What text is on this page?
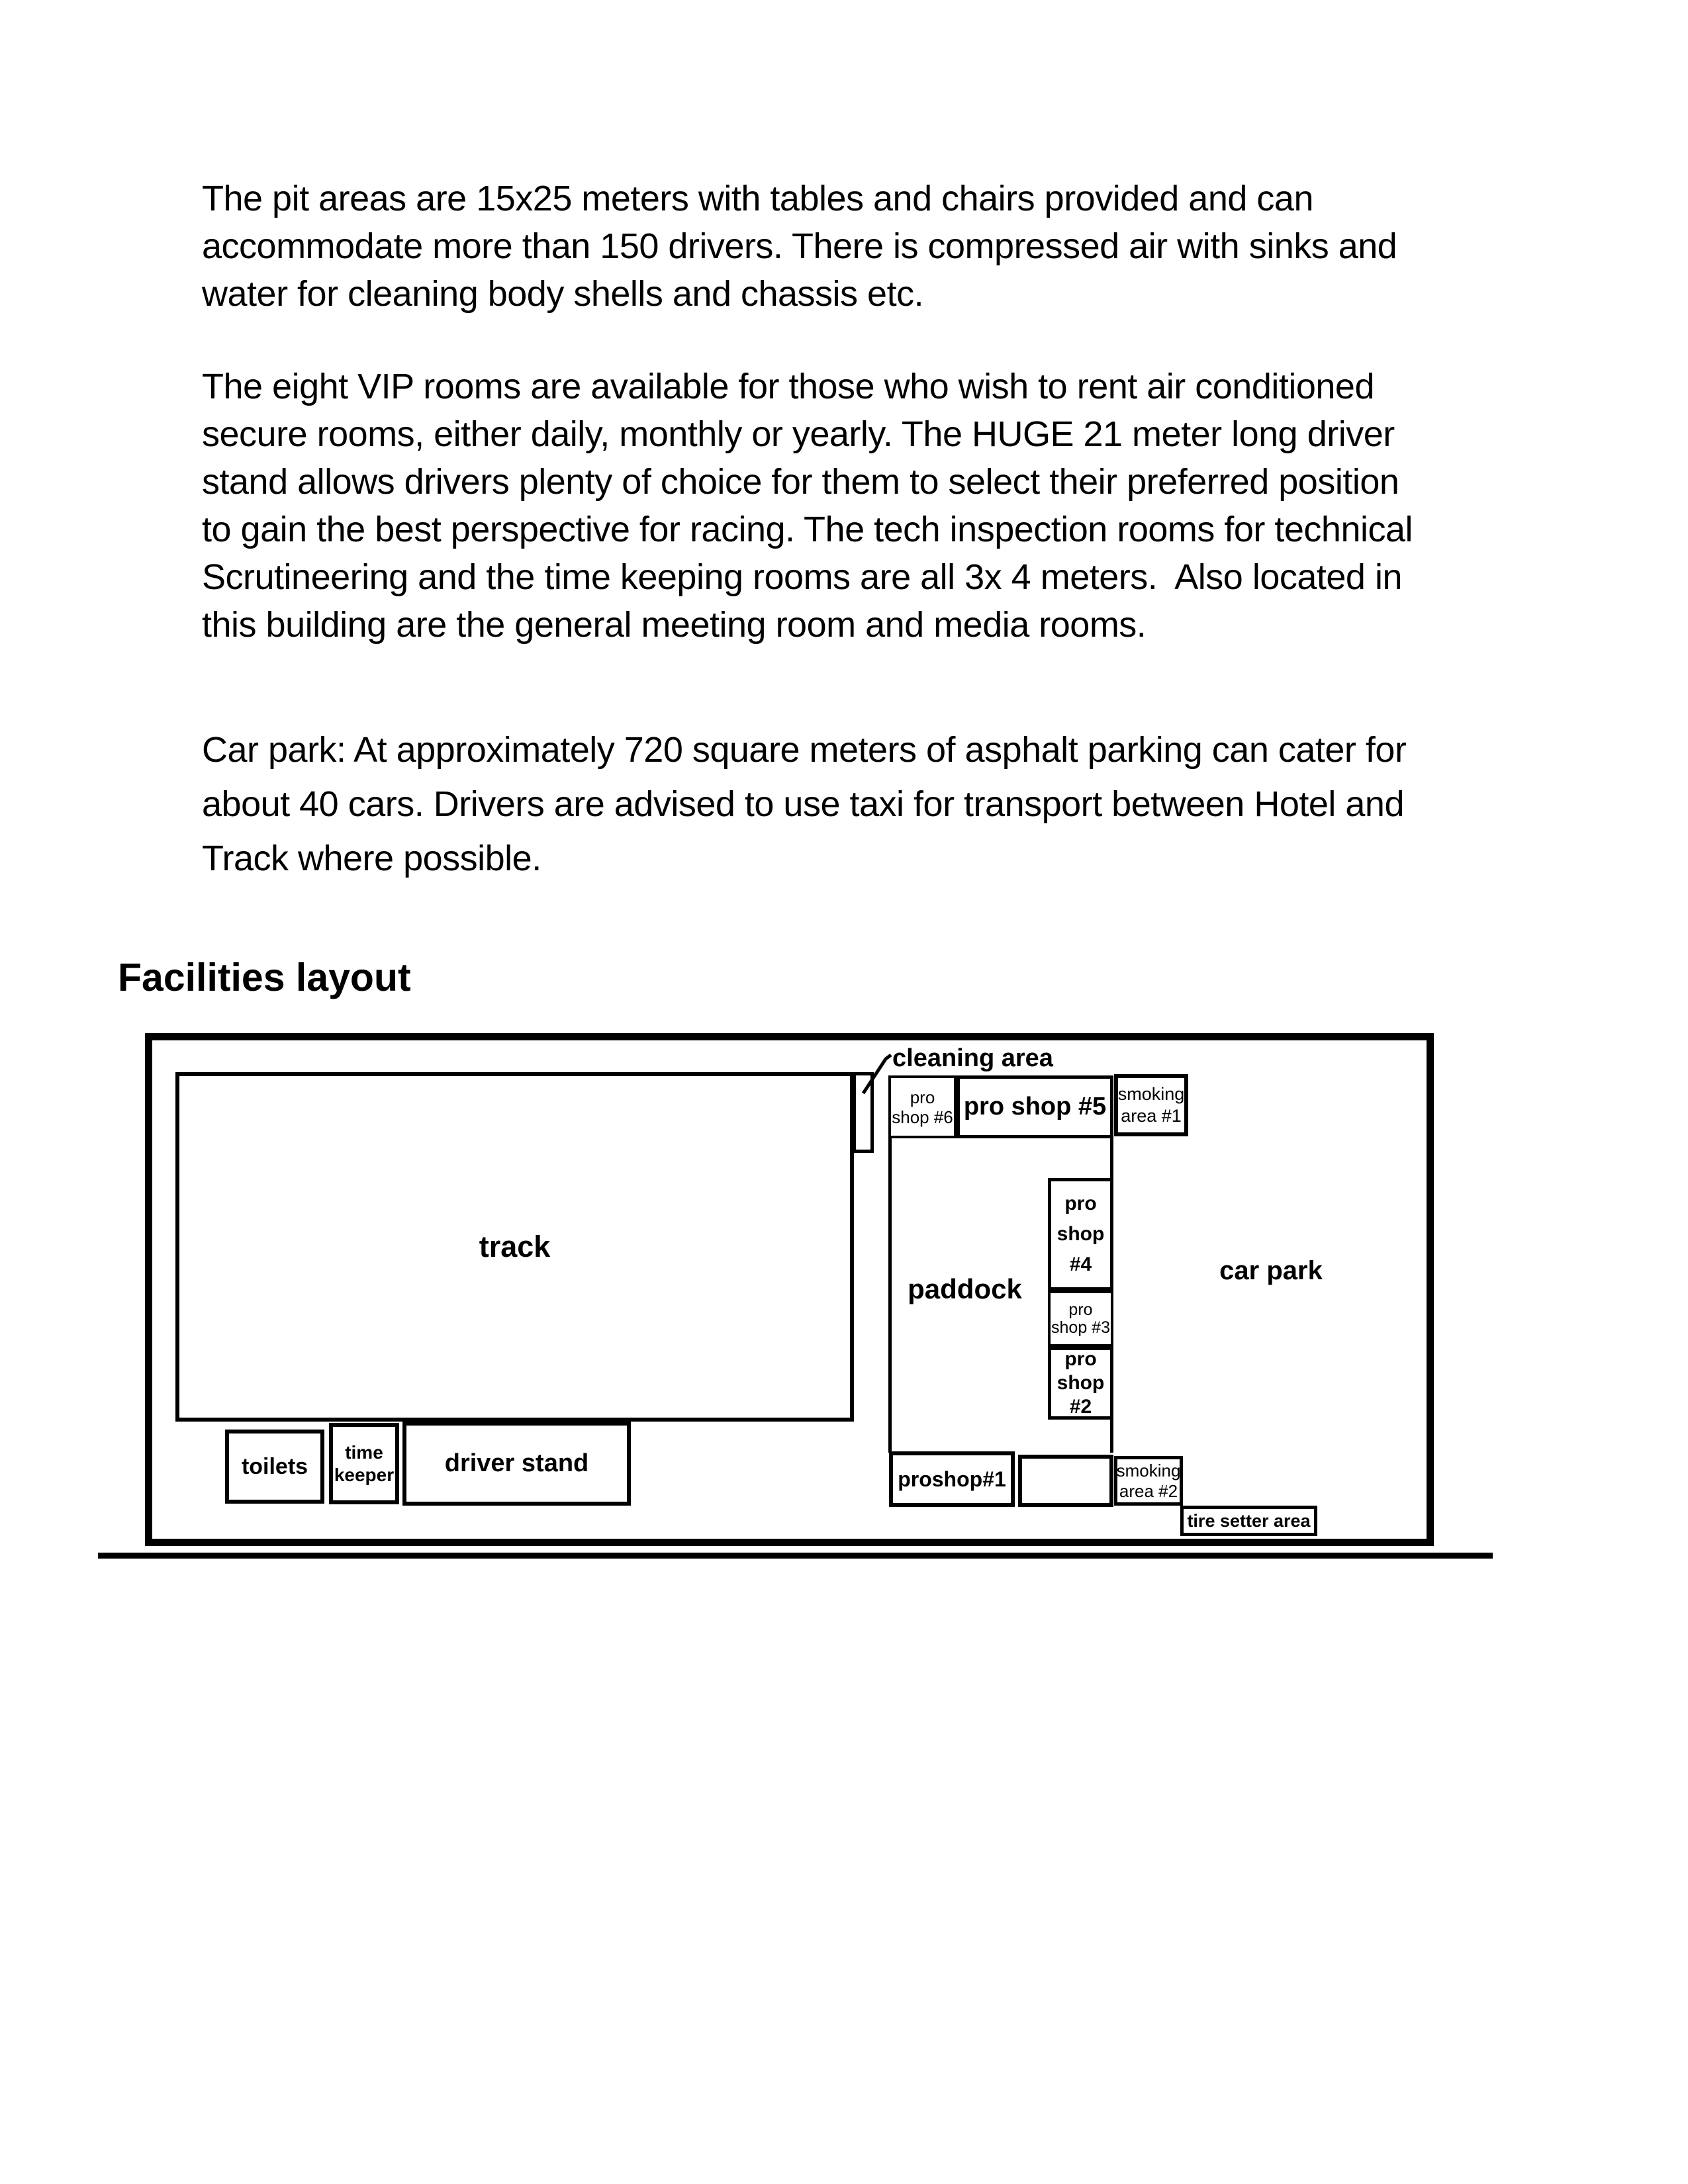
The pit areas are 15x25 meters with tables and chairs provided and can accommodate more than 150 drivers. There is compressed air with sinks and water for cleaning body shells and chassis etc.

The eight VIP rooms are available for those who wish to rent air conditioned secure rooms, either daily, monthly or yearly. The HUGE 21 meter long driver stand allows drivers plenty of choice for them to select their preferred position to gain the best perspective for racing. The tech inspection rooms for technical Scrutineering and the time keeping rooms are all 3x 4 meters.  Also located in this building are the general meeting room and media rooms.

Car park: At approximately 720 square meters of asphalt parking can cater for about 40 cars. Drivers are advised to use taxi for transport between Hotel and Track where possible.

Facilities layout
track
cleaning area
pro shop #6 pro shop #5 smoking area #1
paddock
pro shop #4
pro shop #3
pro shop #2
car park
toilets
time keeper driver stand
proshop#1	smoking area #2
tire setter area
